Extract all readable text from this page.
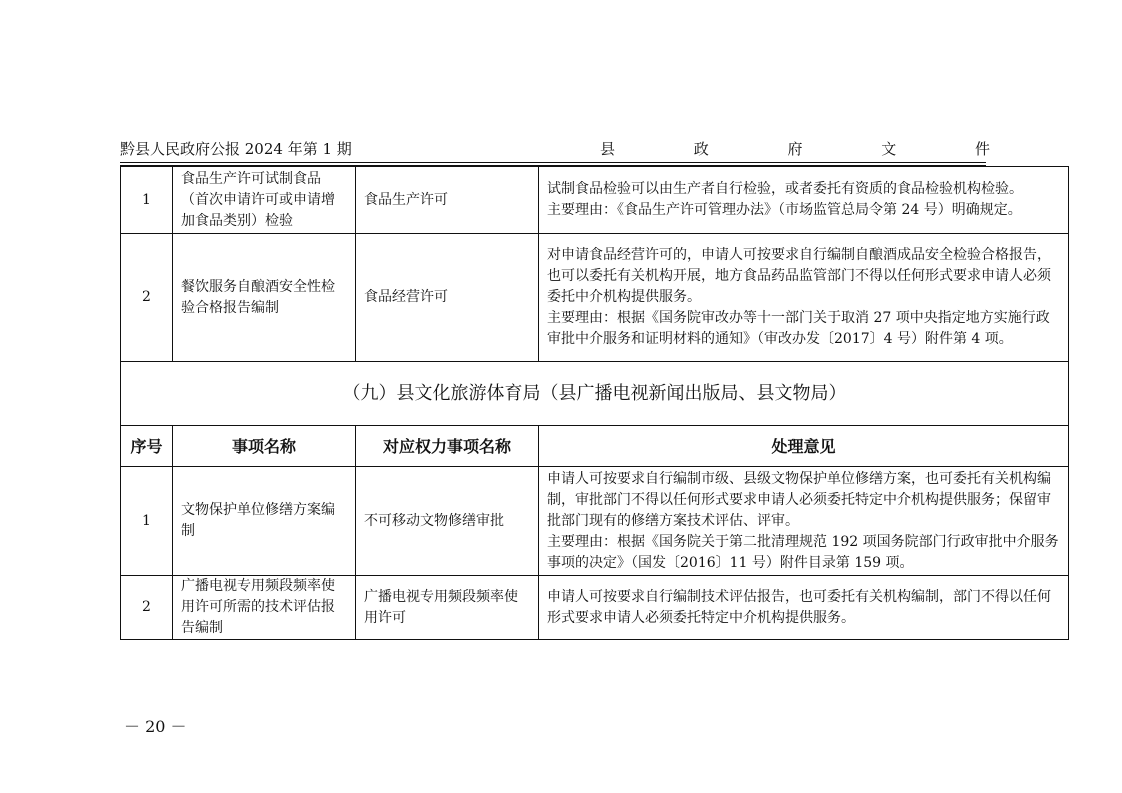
黔县人民政府公报 2024 年第 1 期	县	政	府	文	件
1	食品生产许可试制食品（首次申请许可或申请增加食品类别）检验	食品生产许可	试制食品检验可以由生产者自行检验，或者委托有资质的食品检验机构检验。
主要理由：《食品生产许可管理办法》（市场监管总局令第 24 号）明确规定。

2	餐饮服务自酿酒安全性检验合格报告编制	食品经营许可	对申请食品经营许可的，申请人可按要求自行编制自酿酒成品安全检验合格报告，也可以委托有关机构开展，地方食品药品监管部门不得以任何形式要求申请人必须委托中介机构提供服务。
主要理由：根据《国务院审改办等十一部门关于取消 27 项中央指定地方实施行政审批中介服务和证明材料的通知》（审改办发〔2017〕4 号）附件第 4 项。

（九）县文化旅游体育局（县广播电视新闻出版局、县文物局）			
序号	事项名称	对应权力事项名称	处理意见
1	文物保护单位修缮方案编制	不可移动文物修缮审批	申请人可按要求自行编制市级、县级文物保护单位修缮方案，也可委托有关机构编制，审批部门不得以任何形式要求申请人必须委托特定中介机构提供服务；保留审批部门现有的修缮方案技术评估、评审。
主要理由：根据《国务院关于第二批清理规范 192 项国务院部门行政审批中介服务事项的决定》（国发〔2016〕11 号）附件目录第 159 项。

2	广播电视专用频段频率使用许可所需的技术评估报告编制	广播电视专用频段频率使用许可	申请人可按要求自行编制技术评估报告，也可委托有关机构编制，部门不得以任何形式要求申请人必须委托特定中介机构提供服务。
－ 20 －
